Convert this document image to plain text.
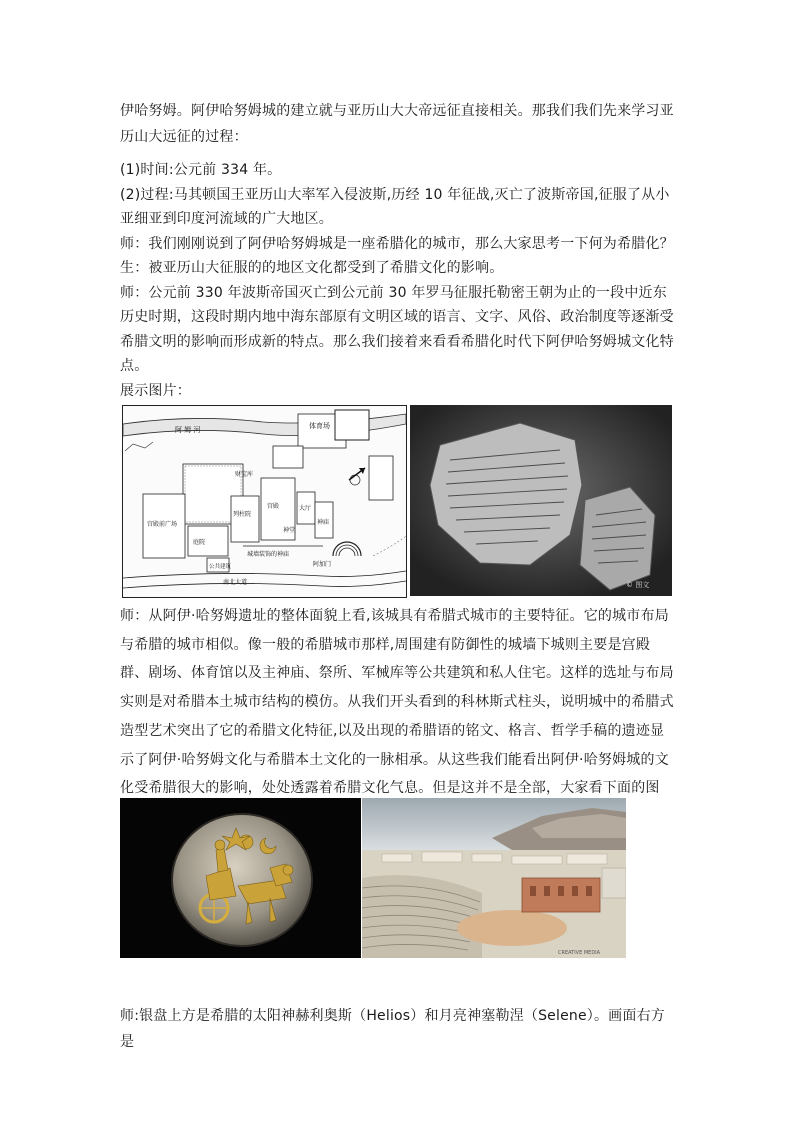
伊哈努姆。阿伊哈努姆城的建立就与亚历山大大帝远征直接相关。那我们我们先来学习亚历山大远征的过程：

(1)时间:公元前 334 年。

(2)过程:马其顿国王亚历山大率军入侵波斯,历经 10 年征战,灭亡了波斯帝国,征服了从小亚细亚到印度河流域的广大地区。

师：我们刚刚说到了阿伊哈努姆城是一座希腊化的城市，那么大家思考一下何为希腊化？

生：被亚历山大征服的的地区文化都受到了希腊文化的影响。

师：公元前 330 年波斯帝国灭亡到公元前 30 年罗马征服托勒密王朝为止的一段中近东历史时期，这段时期内地中海东部原有文明区域的语言、文字、风俗、政治制度等逐渐受希腊文明的影响而形成新的特点。那么我们接着来看看希腊化时代下阿伊哈努姆城文化特点。

展示图片：

师：从阿伊·哈努姆遗址的整体面貌上看,该城具有希腊式城市的主要特征。它的城市布局与希腊的城市相似。像一般的希腊城市那样,周围建有防御性的城墙下城则主要是宫殿群、剧场、体育馆以及主神庙、祭所、军械库等公共建筑和私人住宅。这样的选址与布局实则是对希腊本土城市结构的模仿。从我们开头看到的科林斯式柱头，说明城中的希腊式造型艺术突出了它的希腊文化特征,以及出现的希腊语的铭文、格言、哲学手稿的遗迹显示了阿伊·哈努姆文化与希腊本土文化的一脉相承。从这些我们能看出阿伊·哈努姆城的文化受希腊很大的影响，处处透露着希腊文化气息。但是这并不是全部，大家看下面的图

师:银盘上方是希腊的太阳神赫利奥斯（Helios）和月亮神塞勒涅（Selene）。画面右方是

阿 姆 河	体育场
财宝库
宫殿前广场
庭院
列柱院
宫殿	大厅
神庙
神堂
城墙装饰的神庙
公共建筑
南北大道
阿加门
© 图文
CREATIVE MEDIA
